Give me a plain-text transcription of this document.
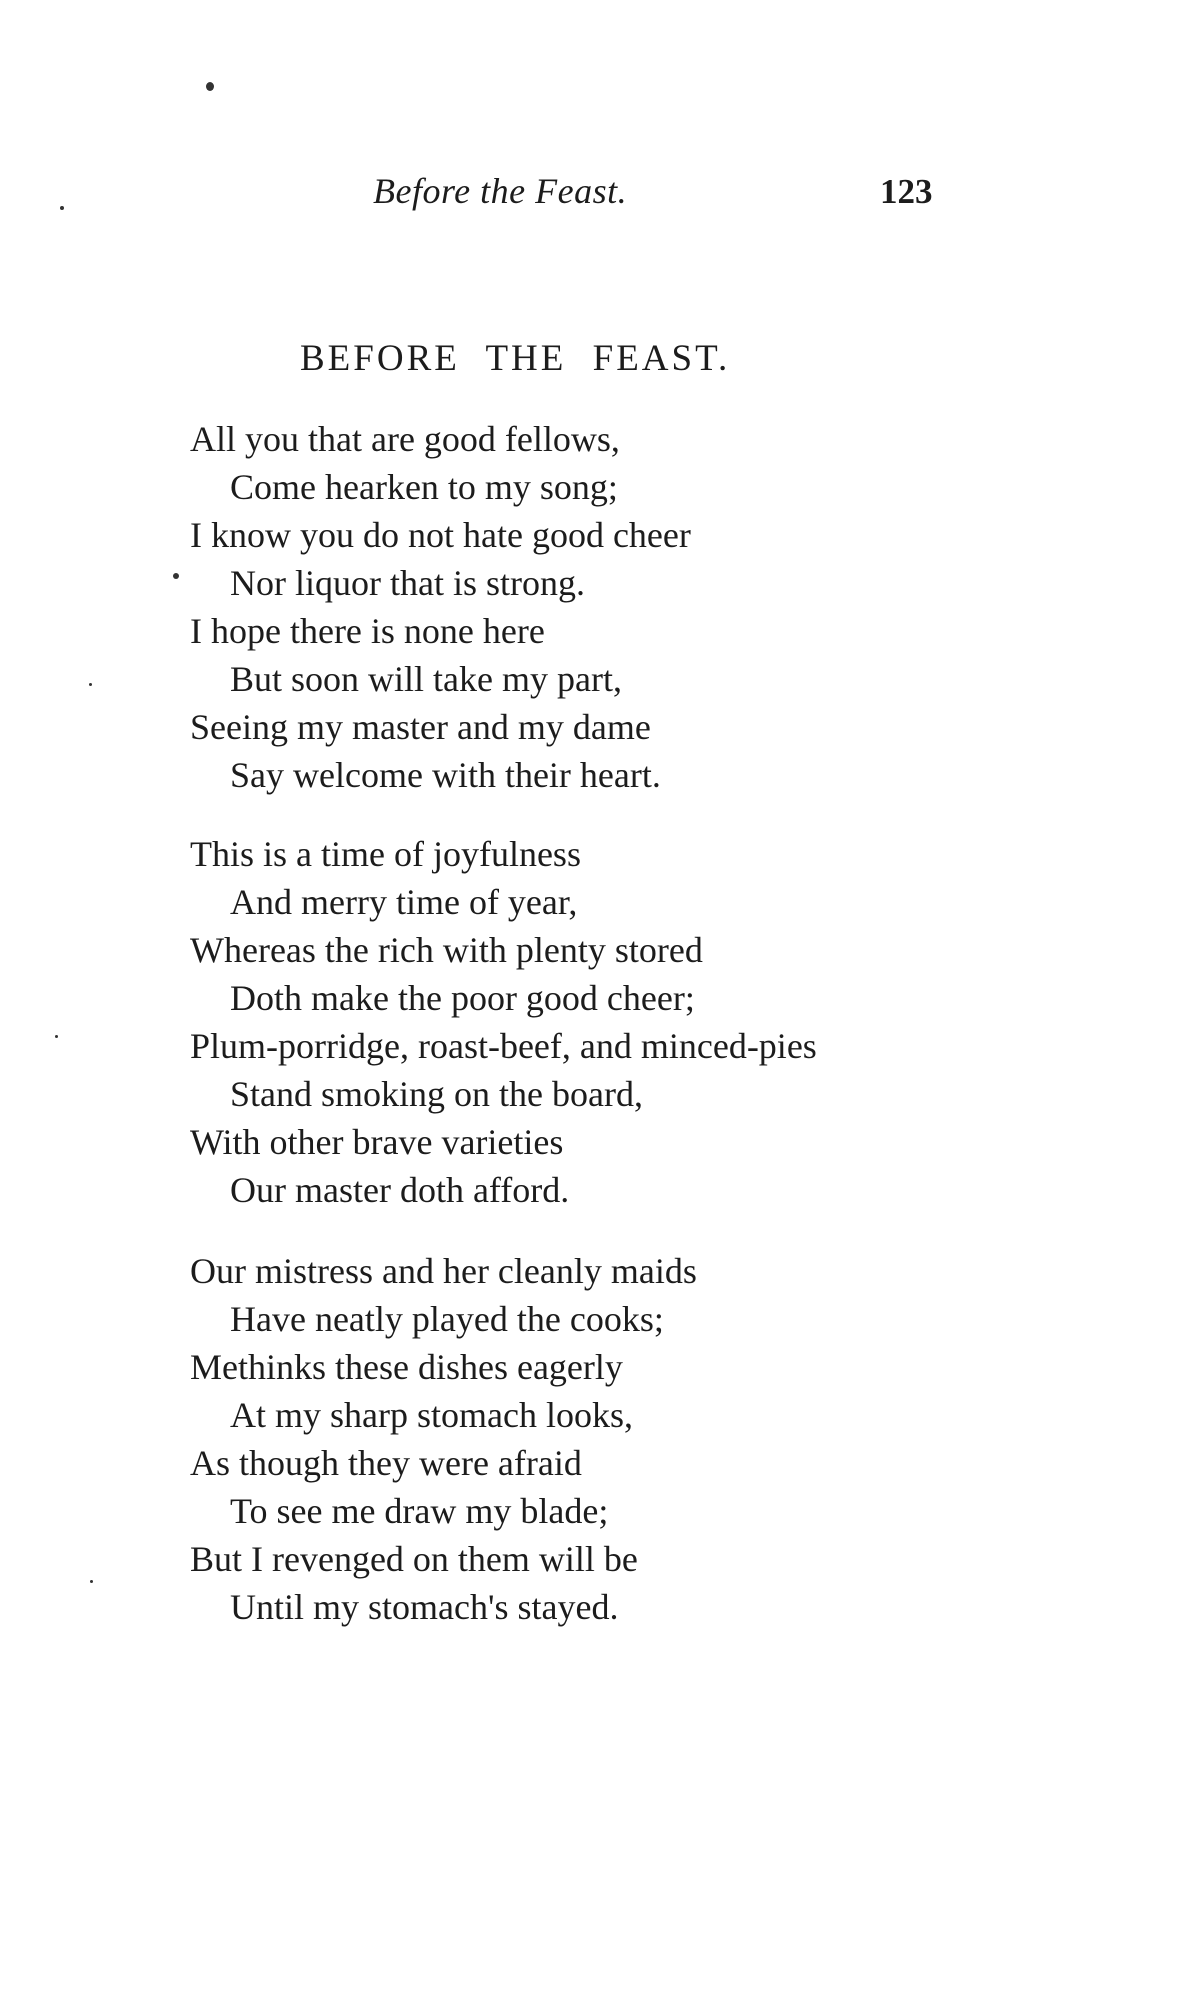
Before the Feast.	123
BEFORE THE FEAST.
All you that are good fellows,
Come hearken to my song;
I know you do not hate good cheer
Nor liquor that is strong.
I hope there is none here
But soon will take my part,
Seeing my master and my dame
Say welcome with their heart.
This is a time of joyfulness
And merry time of year,
Whereas the rich with plenty stored
Doth make the poor good cheer;
Plum-porridge, roast-beef, and minced-pies
Stand smoking on the board,
With other brave varieties
Our master doth afford.
Our mistress and her cleanly maids
Have neatly played the cooks;
Methinks these dishes eagerly
At my sharp stomach looks,
As though they were afraid
To see me draw my blade;
But I revenged on them will be
Until my stomach's stayed.
